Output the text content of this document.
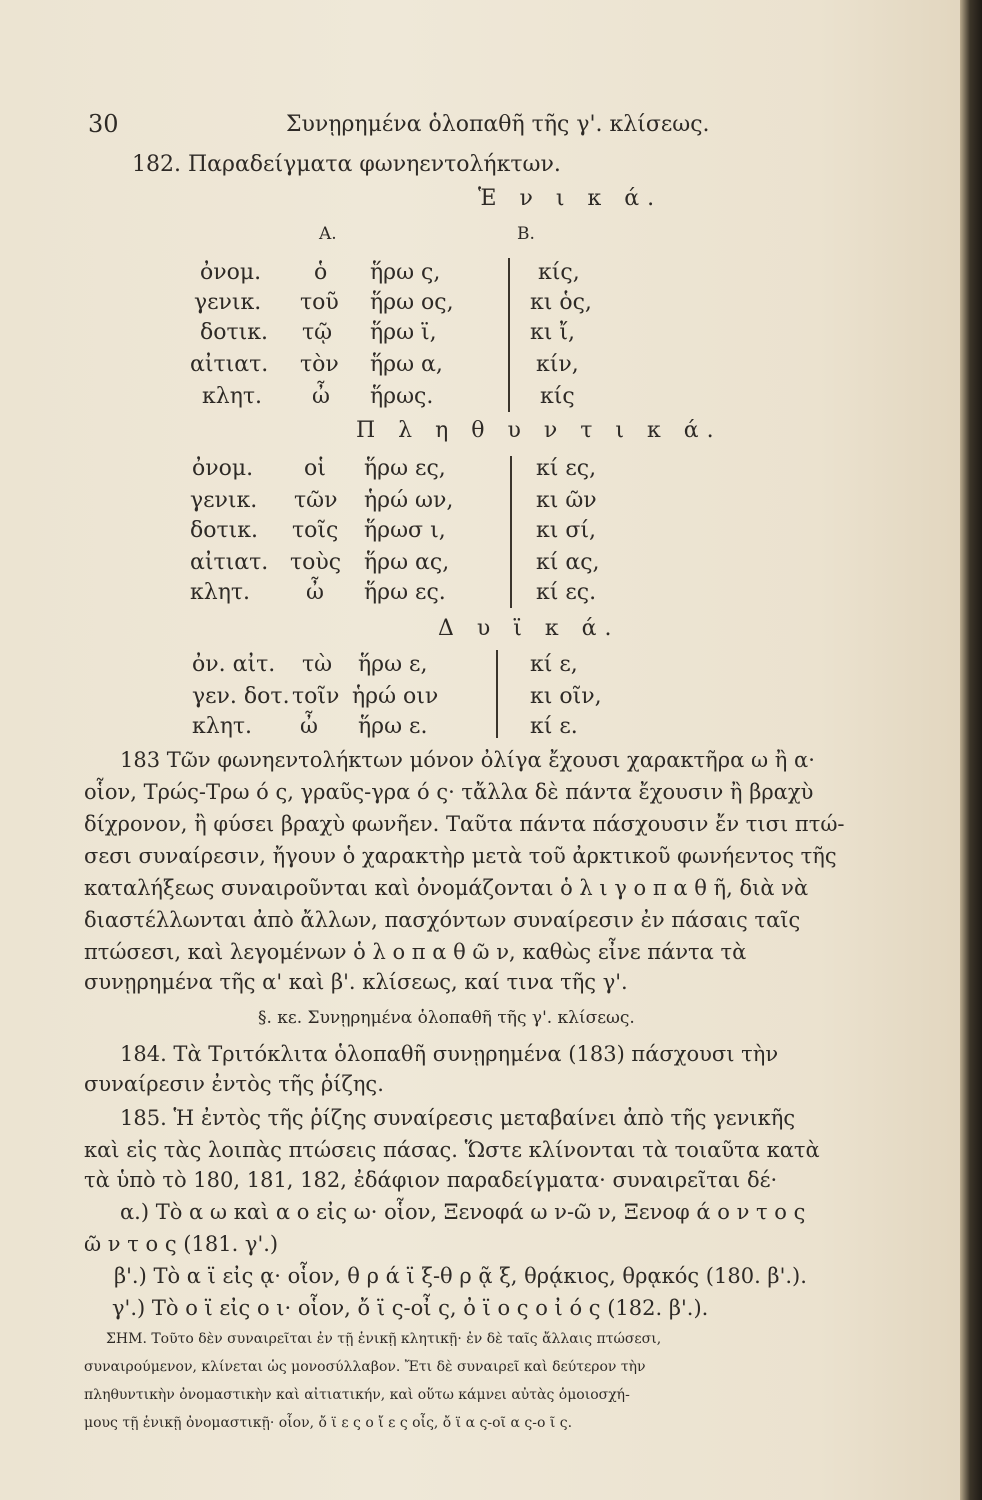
30	Συνῃρημένα ὁλοπαθῆ τῆς γ'. κλίσεως.
182. Παραδείγματα φωνηεντολήκτων.
Ἑ ν ι κ ά.
Α.	Β.
ὀνομ. ὁ ἥρω ς,	κίς,
γενικ. τοῦ ἥρω ος,	κι ὁς,
δοτικ. τῷ ἥρω ϊ,	κι ἴ,
αἰτιατ. τὸν ἥρω α,	κίν,
κλητ. ὦ ἥρως.	κίς
Π λ η θ υ ν τ ι κ ά.
ὀνομ. οἱ ἥρω ες,	κί ες,
γενικ. τῶν ἡρώ ων,	κι ῶν
δοτικ. τοῖς ἥρωσ ι,	κι σί,
αἰτιατ. τοὺς ἥρω ας,	κί ας,
κλητ.	ὦ ἥρω ες.	κί ες.
Δ υ ϊ κ ά.
ὀν. αἰτ. τὼ ἥρω ε,	κί ε,
γεν. δοτ. τοῖν ἡρώ οιν	κι οῖν,
κλητ. ὦ ἥρω ε.	κί ε.
183 Τῶν φωνηεντολήκτων μόνον ὀλίγα ἔχουσι χαρακτῆρα ω ἢ α·
οἷον, Τρώς-Τρω ό ς, γραῦς-γρα ό ς· τἄλλα δὲ πάντα ἔχουσιν ἢ βραχὺ
δίχρονον, ἢ φύσει βραχὺ φωνῆεν. Ταῦτα πάντα πάσχουσιν ἔν τισι πτώ-
σεσι συναίρεσιν, ἤγουν ὁ χαρακτὴρ μετὰ τοῦ ἀρκτικοῦ φωνήεντος τῆς
καταλήξεως συναιροῦνται καὶ ὀνομάζονται ὁ λ ι γ ο π α θ ῆ, διὰ νὰ
διαστέλλωνται ἀπὸ ἄλλων, πασχόντων συναίρεσιν ἐν πάσαις ταῖς
πτώσεσι, καὶ λεγομένων ὁ λ ο π α θ ῶ ν, καθὼς εἶνε πάντα τὰ
συνῃρημένα τῆς α' καὶ β'. κλίσεως, καί τινα τῆς γ'.
§. κε. Συνῃρημένα ὁλοπαθῆ τῆς γ'. κλίσεως.
184. Τὰ Τριτόκλιτα ὁλοπαθῆ συνῃρημένα (183) πάσχουσι τὴν
συναίρεσιν ἐντὸς τῆς ῥίζης.
185. Ἡ ἐντὸς τῆς ῥίζης συναίρεσις μεταβαίνει ἀπὸ τῆς γενικῆς
καὶ εἰς τὰς λοιπὰς πτώσεις πάσας. Ὥστε κλίνονται τὰ τοιαῦτα κατὰ
τὰ ὑπὸ τὸ 180, 181, 182, ἐδάφιον παραδείγματα· συναιρεῖται δέ·
α.) Τὸ α ω καὶ α ο εἰς ω· οἷον, Ξενοφά ω ν-ῶ ν, Ξενοφ ά ο ν τ ο ς
ῶ ν τ ο ς (181. γ'.)
β'.) Τὸ α ϊ εἰς ᾳ· οἷον, θ ρ ά ϊ ξ-θ ρ ᾷ ξ, θρᾴκιος, θρᾳκός (180. β'.).
γ'.) Τὸ ο ϊ εἰς ο ι· οἷον, ὄ ϊ ς-οἶ ς, ὀ ϊ ο ς ο ἰ ό ς (182. β'.).
ΣΗΜ. Τοῦτο δὲν συναιρεῖται ἐν τῇ ἑνικῇ κλητικῇ· ἐν δὲ ταῖς ἄλλαις πτώσεσι,
συναιρούμενον, κλίνεται ὡς μονοσύλλαβον. Ἔτι δὲ συναιρεῖ καὶ δεύτερον τὴν
πληθυντικὴν ὀνομαστικὴν καὶ αἰτιατικήν, καὶ οὕτω κάμνει αὐτὰς ὁμοιοσχή-
μους τῇ ἑνικῇ ὀνομαστικῇ· οἷον, ὄ ϊ ε ς ο ἴ ε ς οἶς, ὄ ϊ α ς-οῖ α ς-ο ῖ ς.
